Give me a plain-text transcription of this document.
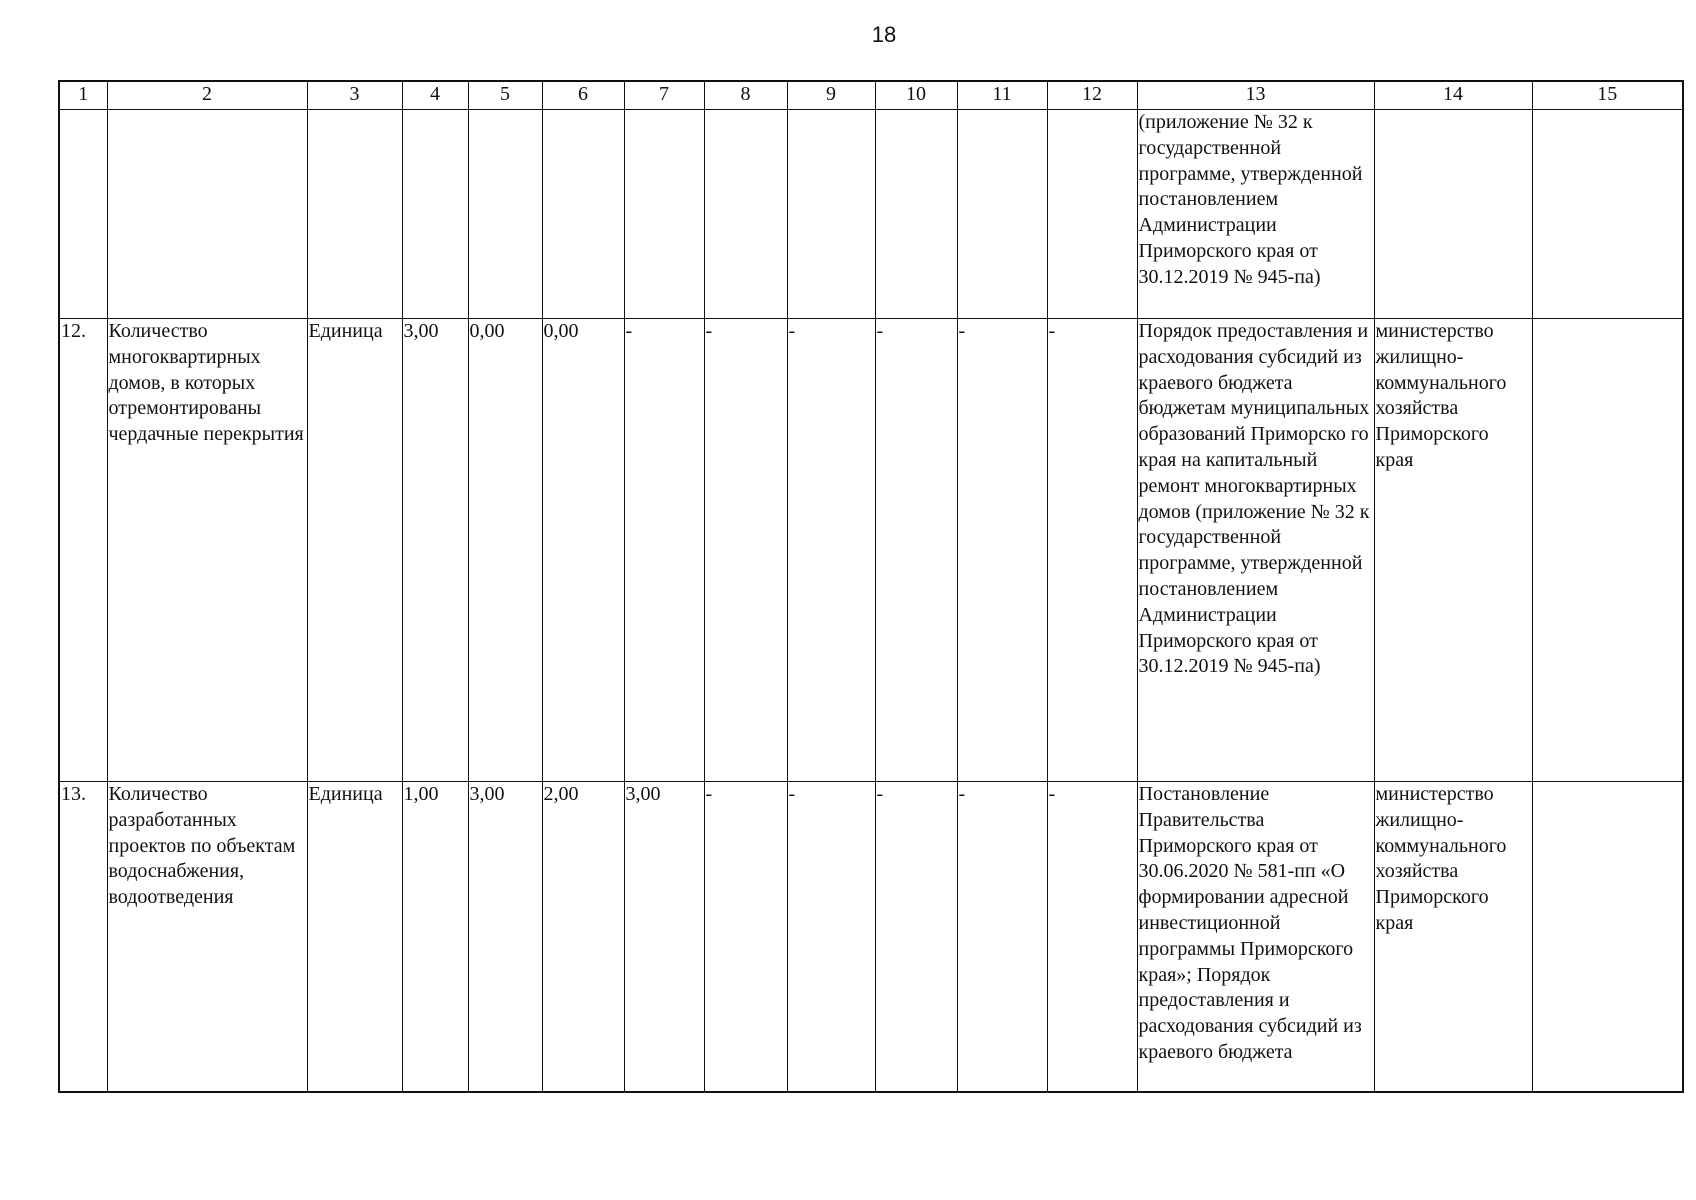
18
1	2	3	4	5	6	7	8	9	10	11	12	13	14	15
												(приложение № 32 к государственной программе, утвержденной постановлением Администрации Приморского края от 30.12.2019 № 945-па)		
12.	Количество многоквартирных домов, в которых отремонтированы чердачные перекрытия	Единица	3,00	0,00	0,00	-	-	-	-	-	-	Порядок предоставления и расходования субсидий из краевого бюджета бюджетам муниципальных образований Приморско го края на капитальный ремонт многоквартирных домов (приложение № 32 к государственной программе, утвержденной постановлением Администрации Приморского края от 30.12.2019 № 945-па)	министерство жилищно-коммунального хозяйства Приморского края	
13.	Количество разработанных проектов по объектам водоснабжения, водоотведения	Единица	1,00	3,00	2,00	3,00	-	-	-	-	-	Постановление Правительства Приморского края от 30.06.2020 № 581-пп «О формировании адресной инвестиционной программы Приморского края»; Порядок предоставления и расходования субсидий из краевого бюджета	министерство жилищно-коммунального хозяйства Приморского края	
